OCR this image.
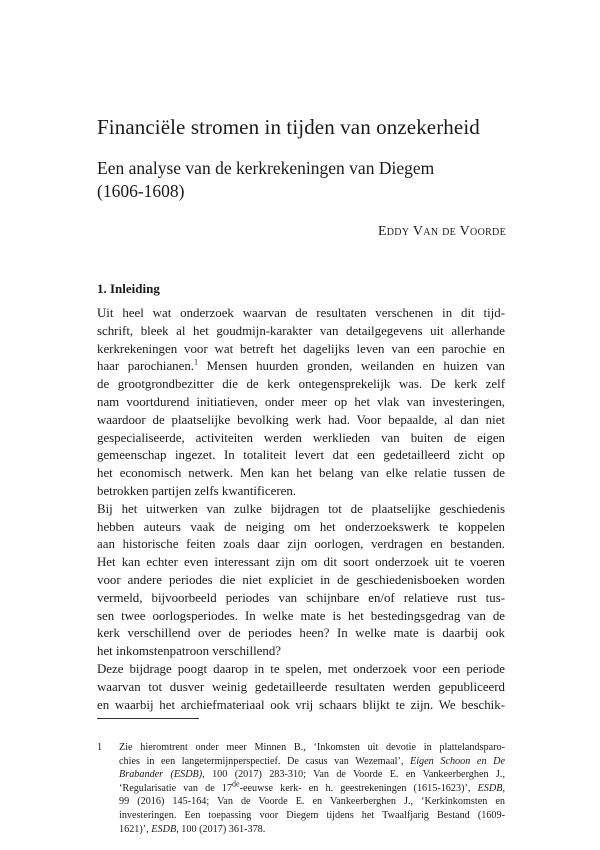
Financiële stromen in tijden van onzekerheid
Een analyse van de kerkrekeningen van Diegem
(1606-1608)
Eddy Van de Voorde
1. Inleiding
Uit heel wat onderzoek waarvan de resultaten verschenen in dit tijd-
schrift, bleek al het goudmijn-karakter van detailgegevens uit allerhande
kerkrekeningen voor wat betreft het dagelijks leven van een parochie en
haar parochianen.$^1$ Mensen huurden gronden, weilanden en huizen van
de grootgrondbezitter die de kerk ontegensprekelijk was. De kerk zelf
nam voortdurend initiatieven, onder meer op het vlak van investeringen,
waardoor de plaatselijke bevolking werk had. Voor bepaalde, al dan niet
gespecialiseerde, activiteiten werden werklieden van buiten de eigen
gemeenschap ingezet. In totaliteit levert dat een gedetailleerd zicht op
het economisch netwerk. Men kan het belang van elke relatie tussen de
betrokken partijen zelfs kwantificeren.
Bij het uitwerken van zulke bijdragen tot de plaatselijke geschiedenis
hebben auteurs vaak de neiging om het onderzoekswerk te koppelen
aan historische feiten zoals daar zijn oorlogen, verdragen en bestanden.
Het kan echter even interessant zijn om dit soort onderzoek uit te voeren
voor andere periodes die niet expliciet in de geschiedenisboeken worden
vermeld, bijvoorbeeld periodes van schijnbare en/of relatieve rust tus-
sen twee oorlogsperiodes. In welke mate is het bestedingsgedrag van de
kerk verschillend over de periodes heen? In welke mate is daarbij ook
het inkomstenpatroon verschillend?
Deze bijdrage poogt daarop in te spelen, met onderzoek voor een periode
waarvan tot dusver weinig gedetailleerde resultaten werden gepubliceerd
en waarbij het archiefmateriaal ook vrij schaars blijkt te zijn. We beschik-
1 Zie hieromtrent onder meer Minnen B., ‘Inkomsten uit devotie in plattelandsparo-
chies in een langetermijnperspectief. De casus van Wezemaal’, Eigen Schoon en De
Brabander (ESDB), 100 (2017) 283-310; Van de Voorde E. en Vankeerberghen J.,
‘Regularisatie van de 17de-eeuwse kerk- en h. geestrekeningen (1615-1623)’, ESDB,
99 (2016) 145-164; Van de Voorde E. en Vankeerberghen J., ‘Kerkinkomsten en
investeringen. Een toepassing voor Diegem tijdens het Twaalfjarig Bestand (1609-
1621)’, ESDB, 100 (2017) 361-378.
